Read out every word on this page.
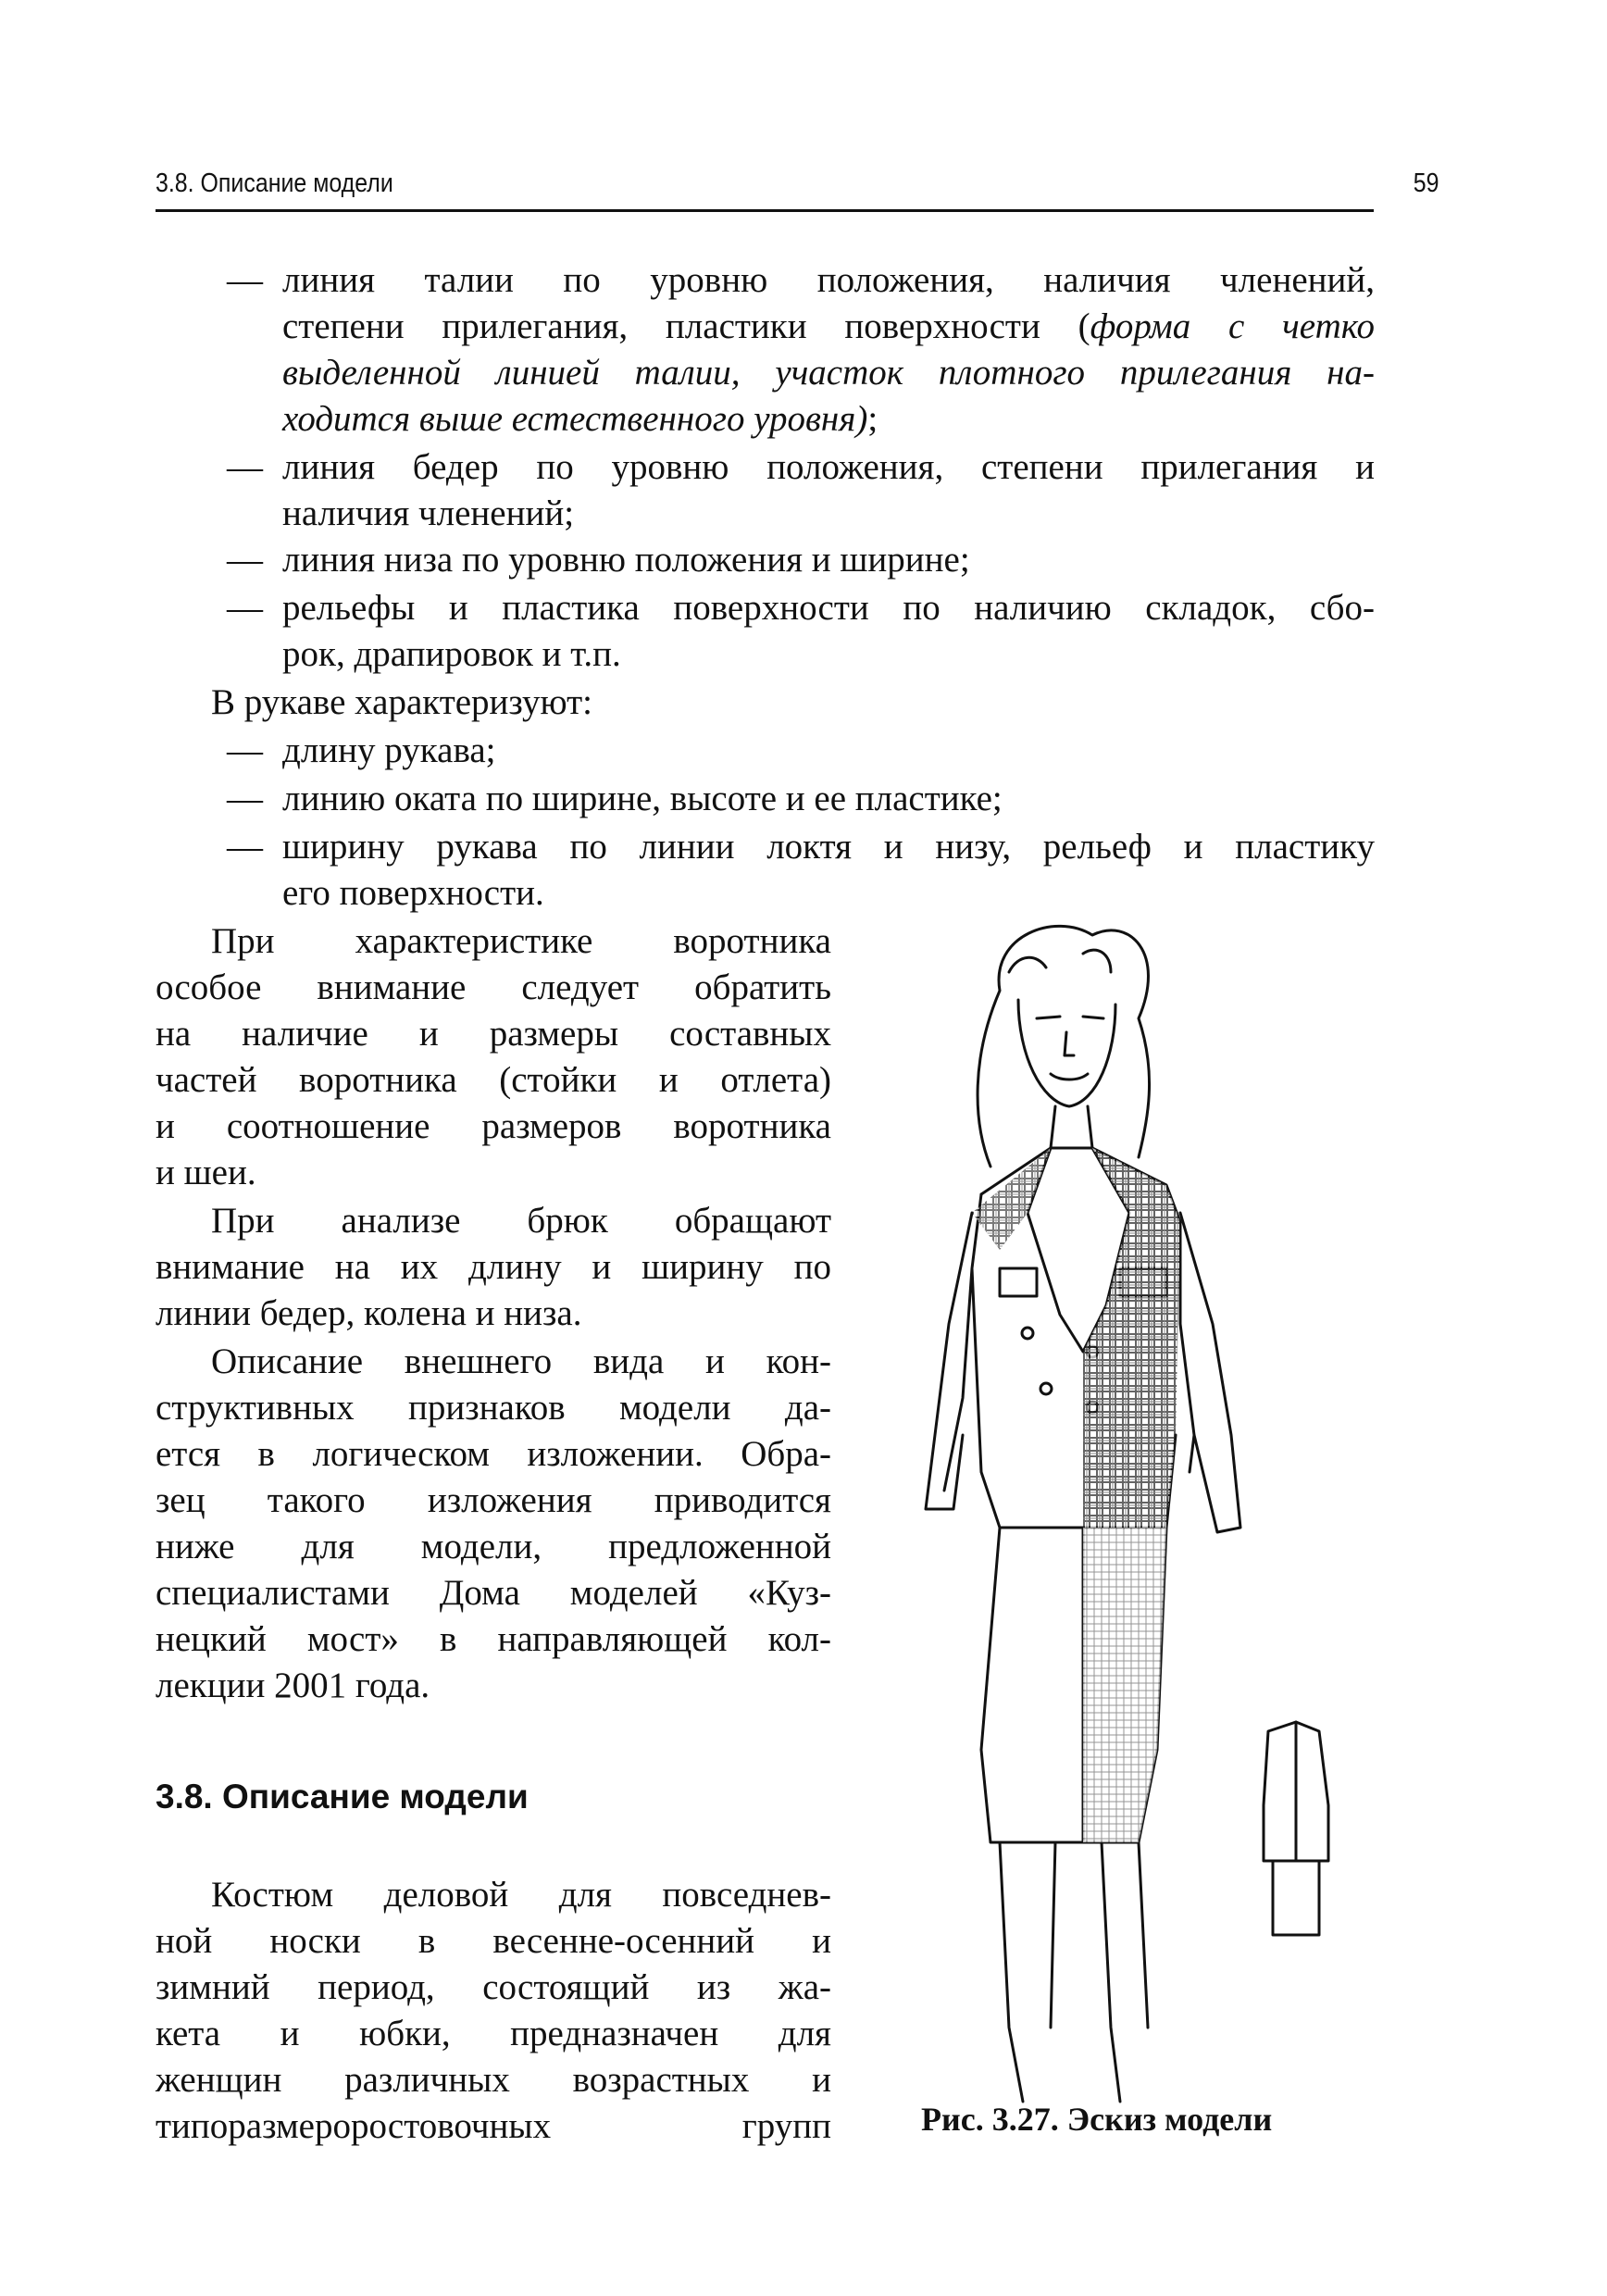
3.8. Описание модели	59
—
линия талии по уровню положения, наличия членений,
степени прилегания, пластики поверхности (форма с четко
выделенной линией талии, участок плотного прилегания на-
ходится выше естественного уровня);
—
линия бедер по уровню положения, степени прилегания и
наличия членений;
—
линия низа по уровню положения и ширине;
—
рельефы и пластика поверхности по наличию складок, сбо-
рок, драпировок и т.п.
В рукаве характеризуют:
—
длину рукава;
—
линию оката по ширине, высоте и ее пластике;
—
ширину рукава по линии локтя и низу, рельеф и пластику
его поверхности.
При характеристике воротника
особое внимание следует обратить
на наличие и размеры составных
частей воротника (стойки и отлета)
и соотношение размеров воротника
и шеи.
При анализе брюк обращают
внимание на их длину и ширину по
линии бедер, колена и низа.
Описание внешнего вида и кон-
структивных признаков модели да-
ется в логическом изложении. Обра-
зец такого изложения приводится
ниже для модели, предложенной
специалистами Дома моделей «Куз-
нецкий мост» в направляющей кол-
лекции 2001 года.
3.8. Описание модели
Костюм деловой для повседнев-
ной носки в весенне-осенний и
зимний период, состоящий из жа-
кета и юбки, предназначен для
женщин различных возрастных и
типоразмероростовочных групп	Рис. 3.27. Эскиз модели
